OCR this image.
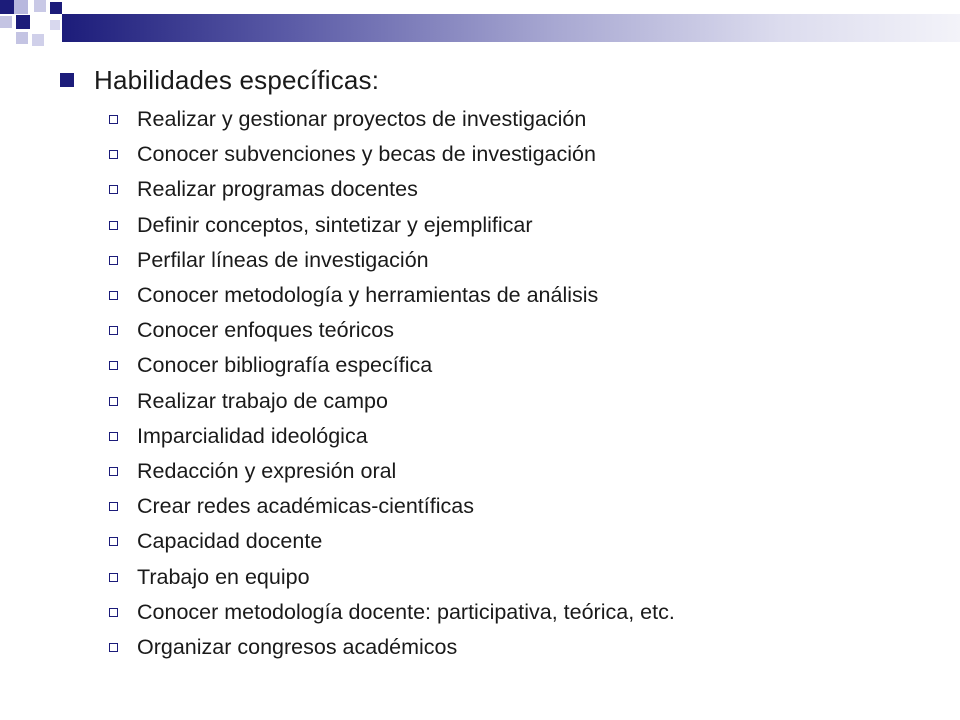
Habilidades específicas:
Realizar y gestionar proyectos de investigación
Conocer subvenciones y becas de investigación
Realizar programas docentes
Definir conceptos, sintetizar y ejemplificar
Perfilar líneas de investigación
Conocer metodología y herramientas de análisis
Conocer enfoques teóricos
Conocer bibliografía específica
Realizar trabajo de campo
Imparcialidad ideológica
Redacción y expresión oral
Crear redes académicas-científicas
Capacidad docente
Trabajo en equipo
Conocer metodología docente: participativa, teórica, etc.
Organizar congresos académicos
